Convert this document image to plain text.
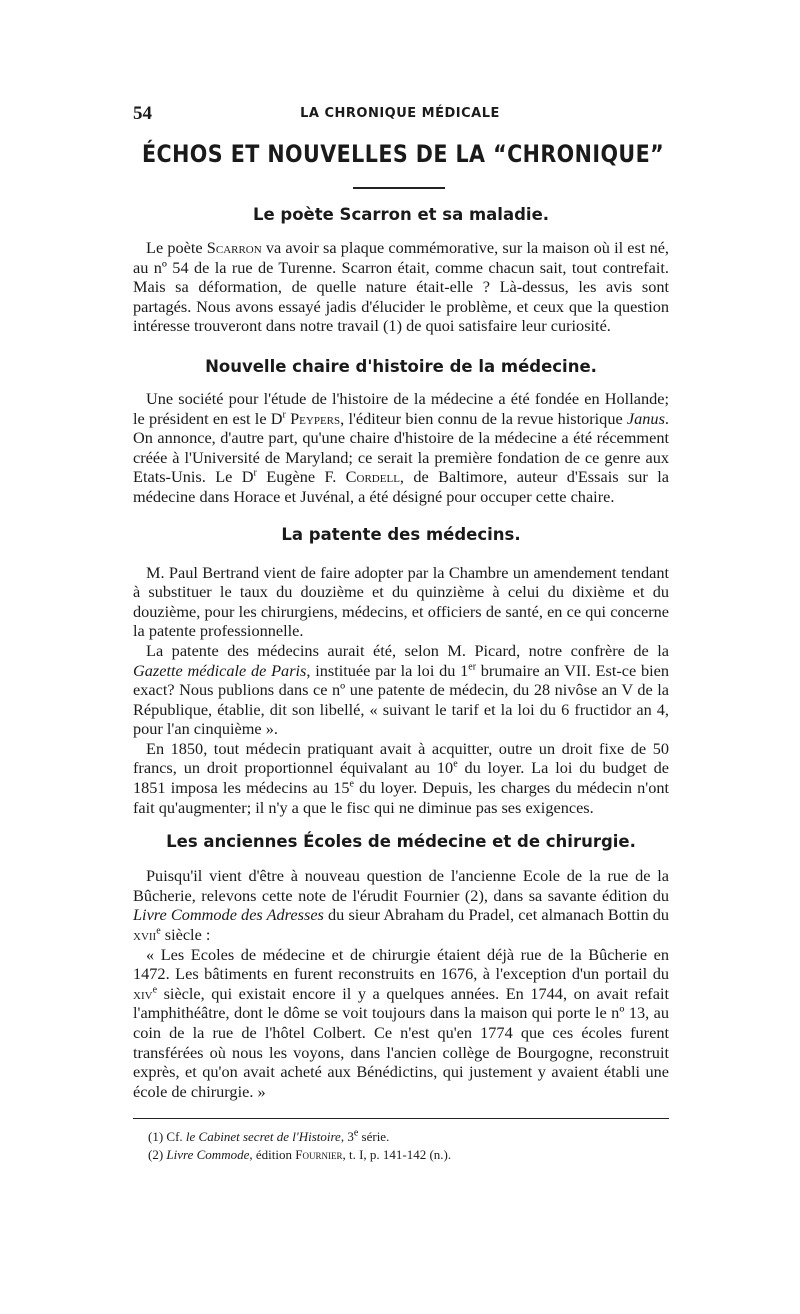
54	LA CHRONIQUE MÉDICALE
ÉCHOS ET NOUVELLES DE LA “CHRONIQUE”
Le poète Scarron et sa maladie.

Le poète Scarron va avoir sa plaque commémorative, sur la maison où il est né, au nº 54 de la rue de Turenne. Scarron était, comme chacun sait, tout contrefait. Mais sa déformation, de quelle nature était-elle ? Là-dessus, les avis sont partagés. Nous avons essayé jadis d'élucider le problème, et ceux que la question intéresse trouveront dans notre travail (1) de quoi satisfaire leur curiosité.

Nouvelle chaire d'histoire de la médecine.

Une société pour l'étude de l'histoire de la médecine a été fondée en Hollande; le président en est le $D^r$ Peypers, l'éditeur bien connu de la revue historique Janus. On annonce, d'autre part, qu'une chaire d'histoire de la médecine a été récemment créée à l'Université de Maryland; ce serait la première fondation de ce genre aux Etats-Unis. Le $D^r$ Eugène F. Cordell, de Baltimore, auteur d'Essais sur la médecine dans Horace et Juvénal, a été désigné pour occuper cette chaire.

La patente des médecins.

M. Paul Bertrand vient de faire adopter par la Chambre un amendement tendant à substituer le taux du douzième et du quinzième à celui du dixième et du douzième, pour les chirurgiens, médecins, et officiers de santé, en ce qui concerne la patente professionnelle.

La patente des médecins aurait été, selon M. Picard, notre confrère de la Gazette médicale de Paris, instituée par la loi du 1er brumaire an VII. Est-ce bien exact? Nous publions dans ce nº une patente de médecin, du 28 nivôse an V de la République, établie, dit son libellé, « suivant le tarif et la loi du 6 fructidor an 4, pour l'an cinquième ».

En 1850, tout médecin pratiquant avait à acquitter, outre un droit fixe de 50 francs, un droit proportionnel équivalant au 10e du loyer. La loi du budget de 1851 imposa les médecins au 15e du loyer. Depuis, les charges du médecin n'ont fait qu'augmenter; il n'y a que le fisc qui ne diminue pas ses exigences.

Les anciennes Écoles de médecine et de chirurgie.

Puisqu'il vient d'être à nouveau question de l'ancienne Ecole de la rue de la Bûcherie, relevons cette note de l'érudit Fournier (2), dans sa savante édition du Livre Commode des Adresses du sieur Abraham du Pradel, cet almanach Bottin du xvii$^e$ siècle :

« Les Ecoles de médecine et de chirurgie étaient déjà rue de la Bûcherie en 1472. Les bâtiments en furent reconstruits en 1676, à l'exception d'un portail du xiv$^e$ siècle, qui existait encore il y a quelques années. En 1744, on avait refait l'amphithéâtre, dont le dôme se voit toujours dans la maison qui porte le nº 13, au coin de la rue de l'hôtel Colbert. Ce n'est qu'en 1774 que ces écoles furent transférées où nous les voyons, dans l'ancien collège de Bourgogne, reconstruit exprès, et qu'on avait acheté aux Bénédictins, qui justement y avaient établi une école de chirurgie. »

(1) Cf. le Cabinet secret de l'Histoire, 3e série.

(2) Livre Commode, édition Fournier, t. I, p. 141-142 (n.).
